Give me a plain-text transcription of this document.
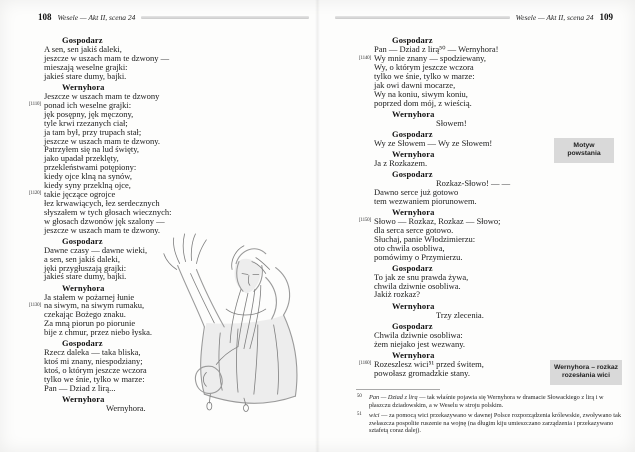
108 Wesele — Akt II, scena 24
Gospodarz
A sen, sen jakiś daleki,
jeszcze w uszach mam te dzwony —
mieszają weselne grajki:
jakieś stare dumy, bajki.
Wernyhora
Jeszcze w uszach mam te dzwony
[1110] ponad ich weselne grajki:
jęk posępny, jęk męczony,
tyle krwi rzezanych ciał;
ja tam był, przy trupach stał;
jeszcze w uszach mam te dzwony.
Patrzyłem się na lud święty,
jako upadał przeklęty,
przekleństwami potępiony:
kiedy ojce klną na synów,
kiedy syny przeklną ojce,
[1120] takie jęczące ogrojce
łez krwawiących, łez serdecznych
słyszałem w tych głosach wiecznych:
w głosach dzwonów jęk szalony —
jeszcze w uszach mam te dzwony.
Gospodarz
Dawne czasy — dawne wieki,
a sen, sen jakiś daleki,
jęki przygłuszają grajki:
jakieś stare dumy, bajki.
Wernyhora
Ja stałem w pożarnej łunie
[1130] na siwym, na siwym rumaku,
czekając Bożego znaku.
Za mną piorun po piorunie
bije z chmur, przez niebo łyska.
Gospodarz
Rzecz daleka — taka bliska,
ktoś mi znany, niespodziany;
ktoś, o którym jeszcze wczora
tylko we śnie, tylko w marze:
Pan — Dziad z lirą...
Wernyhora
Wernyhora.
Wesele — Akt II, scena 24 109
Gospodarz
Pan — Dziad z lirą⁵⁰ — Wernyhora!
[1140] Wy mnie znany — spodziewany,
Wy, o którym jeszcze wczora
tylko we śnie, tylko w marze:
jak owi dawni mocarze,
Wy na koniu, siwym koniu,
poprzed dom mój, z wieścią.
Wernyhora
Słowem!
Gospodarz
Wy ze Słowem — Wy ze Słowem!
Wernyhora
Ja z Rozkazem.
Gospodarz
Rozkaz-Słowo! — —
Dawno serce już gotowo
tem wezwaniem piorunowem.
Wernyhora
[1150] Słowo — Rozkaz, Rozkaz — Słowo;
dla serca serce gotowo.
Słuchaj, panie Włodzimierzu:
oto chwila osobliwa,
pomówimy o Przymierzu.
Gospodarz
To jak ze snu prawda żywa,
chwila dziwnie osobliwa.
Jakiż rozkaz?
Wernyhora
Trzy zlecenia.
Gospodarz
Chwila dziwnie osobliwa:
żem niejako jest wezwany.
Wernyhora
[1160] Rozeszlesz wici⁵¹ przed świtem,
powołasz gromadzkie stany.
Motyw powstania
Wernyhora – rozkaz rozesłania wici
50 Pan — Dziad z lirą — tak właśnie pojawia się Wernyhora w dramacie Słowackiego z lirą i w płaszczu dziadowskim, a w Weselu w stroju polskim.
51 wici — za pomocą wici przekazywano w dawnej Polsce rozporządzenia królewskie, zwoływano tak zwłaszcza pospolite ruszenie na wojnę (na długim kiju umieszczano zarządzenia i przekazywano sztafetą coraz dalej).
